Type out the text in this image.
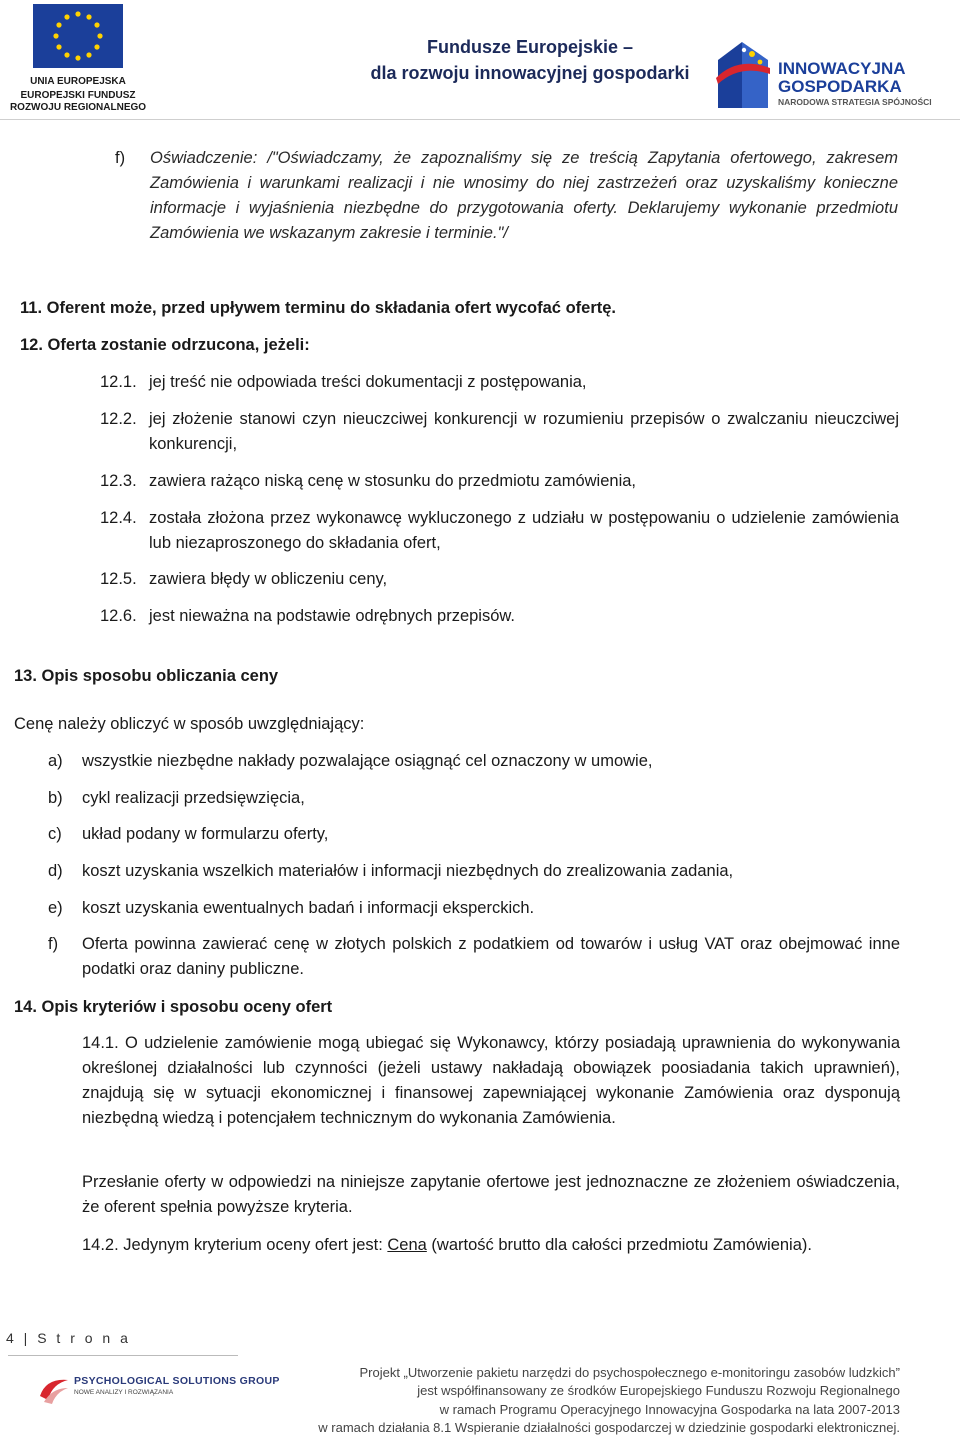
UNIA EUROPEJSKA
EUROPEJSKI FUNDUSZ
ROZWOJU REGIONALNEGO
Fundusze Europejskie –
dla rozwoju innowacyjnej gospodarki	INNOWACYJNA
GOSPODARKA
NARODOWA STRATEGIA SPÓJNOŚCI
f) Oświadczenie: /"Oświadczamy, że zapoznaliśmy się ze treścią Zapytania ofertowego, zakresem Zamówienia i warunkami realizacji i nie wnosimy do niej zastrzeżeń oraz uzyskaliśmy konieczne informacje i wyjaśnienia niezbędne do przygotowania oferty. Deklarujemy wykonanie przedmiotu Zamówienia we wskazanym zakresie i terminie."/
11. Oferent może, przed upływem terminu do składania ofert wycofać ofertę.
12. Oferta zostanie odrzucona, jeżeli:
12.1. jej treść nie odpowiada treści dokumentacji z postępowania,
12.2. jej złożenie stanowi czyn nieuczciwej konkurencji w rozumieniu przepisów o zwalczaniu nieuczciwej konkurencji,
12.3. zawiera rażąco niską cenę w stosunku do przedmiotu zamówienia,
12.4. została złożona przez wykonawcę wykluczonego z udziału w postępowaniu o udzielenie zamówienia lub niezaproszonego do składania ofert,
12.5. zawiera błędy w obliczeniu ceny,
12.6. jest nieważna na podstawie odrębnych przepisów.
13. Opis sposobu obliczania ceny
Cenę należy obliczyć w sposób uwzględniający:
a) wszystkie niezbędne nakłady pozwalające osiągnąć cel oznaczony w umowie,
b) cykl realizacji przedsięwzięcia,
c) układ podany w formularzu oferty,
d) koszt uzyskania wszelkich materiałów i informacji niezbędnych do zrealizowania zadania,
e) koszt uzyskania ewentualnych badań i informacji eksperckich.
f) Oferta powinna zawierać cenę w złotych polskich z podatkiem od towarów i usług VAT oraz obejmować inne podatki oraz daniny publiczne.
14. Opis kryteriów i sposobu oceny ofert
14.1. O udzielenie zamówienie mogą ubiegać się Wykonawcy, którzy posiadają uprawnienia do wykonywania określonej działalności lub czynności (jeżeli ustawy nakładają obowiązek poosiadania takich uprawnień), znajdują się w sytuacji ekonomicznej i finansowej zapewniającej wykonanie Zamówienia oraz dysponują niezbędną wiedzą i potencjałem technicznym do wykonania Zamówienia.
Przesłanie oferty w odpowiedzi na niniejsze zapytanie ofertowe jest jednoznaczne ze złożeniem oświadczenia, że oferent spełnia powyższe kryteria.
14.2. Jedynym kryterium oceny ofert jest: Cena (wartość brutto dla całości przedmiotu Zamówienia).
4 | S t r o n a
PSYCHOLOGICAL SOLUTIONS GROUP
NOWE ANALIZY I ROZWIĄZANIA
Projekt „Utworzenie pakietu narzędzi do psychospołecznego e-monitoringu zasobów ludzkich”
jest współfinansowany ze środków Europejskiego Funduszu Rozwoju Regionalnego
w ramach Programu Operacyjnego Innowacyjna Gospodarka na lata 2007-2013
w ramach działania 8.1 Wspieranie działalności gospodarczej w dziedzinie gospodarki elektronicznej.
